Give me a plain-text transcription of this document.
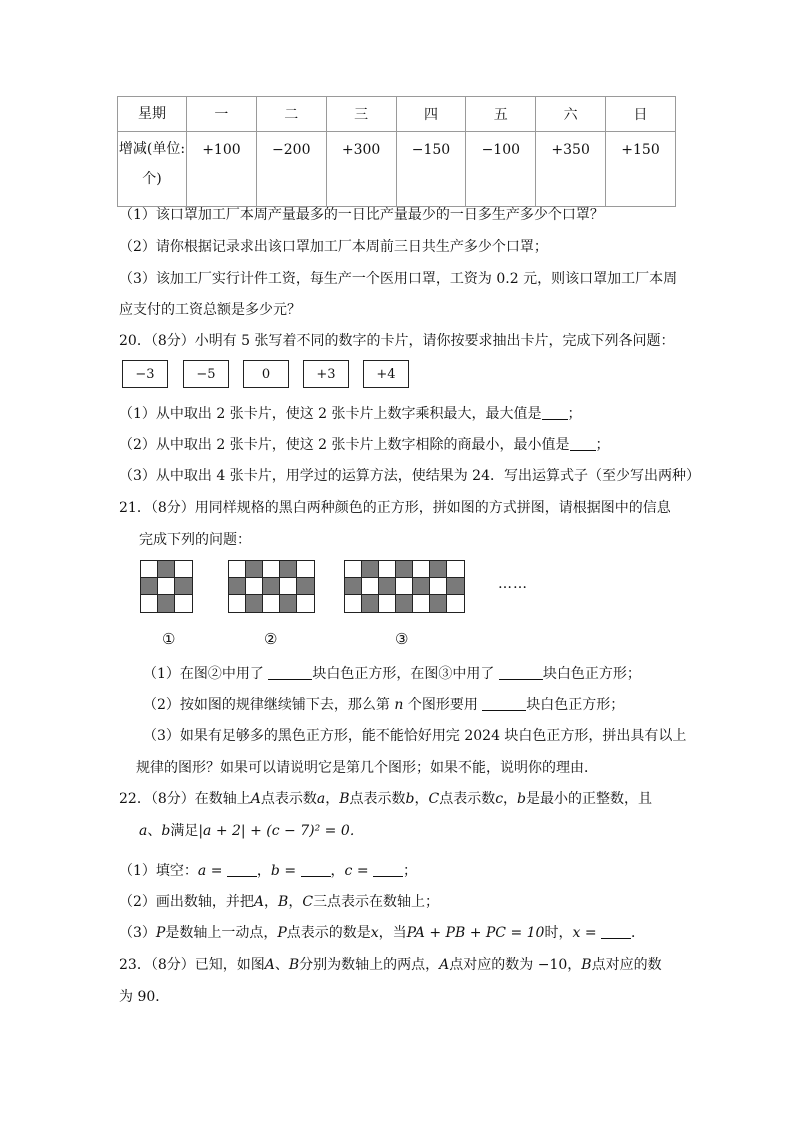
星期	一	二	三	四	五	六	日
增减(单位:
个)	+100	−200	+300	−150	−100	+350	+150
（1）该口罩加工厂本周产量最多的一日比产量最少的一日多生产多少个口罩？
（2）请你根据记录求出该口罩加工厂本周前三日共生产多少个口罩；
（3）该加工厂实行计件工资，每生产一个医用口罩，工资为 0.2 元，则该口罩加工厂本周
应支付的工资总额是多少元？
20．（8分）小明有 5 张写着不同的数字的卡片，请你按要求抽出卡片，完成下列各问题：
−3	−5	0	+3	+4
（1）从中取出 2 张卡片，使这 2 张卡片上数字乘积最大，最大值是 ；
（2）从中取出 2 张卡片，使这 2 张卡片上数字相除的商最小，最小值是 ；
（3）从中取出 4 张卡片，用学过的运算方法，使结果为 24．写出运算式子（至少写出两种）
21．（8分）用同样规格的黑白两种颜色的正方形，拼如图的方式拼图，请根据图中的信息
完成下列的问题：
……
①	②	③
（1）在图②中用了	块白色正方形，在图③中用了	块白色正方形；
（2）按如图的规律继续铺下去，那么第 n 个图形要用	块白色正方形；
（3）如果有足够多的黑色正方形，能不能恰好用完 2024 块白色正方形，拼出具有以上
规律的图形？如果可以请说明它是第几个图形；如果不能，说明你的理由．
22．（8分）在数轴上A点表示数a，B点表示数b，C点表示数c，b是最小的正整数，且
a、b满足|a + 2| + (c − 7)² = 0．
（1）填空：a = ，b = ，c = ；
（2）画出数轴，并把A，B，C三点表示在数轴上；
（3）P是数轴上一动点，P点表示的数是x，当PA + PB + PC = 10时，x = ．
23．（8分）已知，如图A、B分别为数轴上的两点，A点对应的数为 −10，B点对应的数
为 90．
